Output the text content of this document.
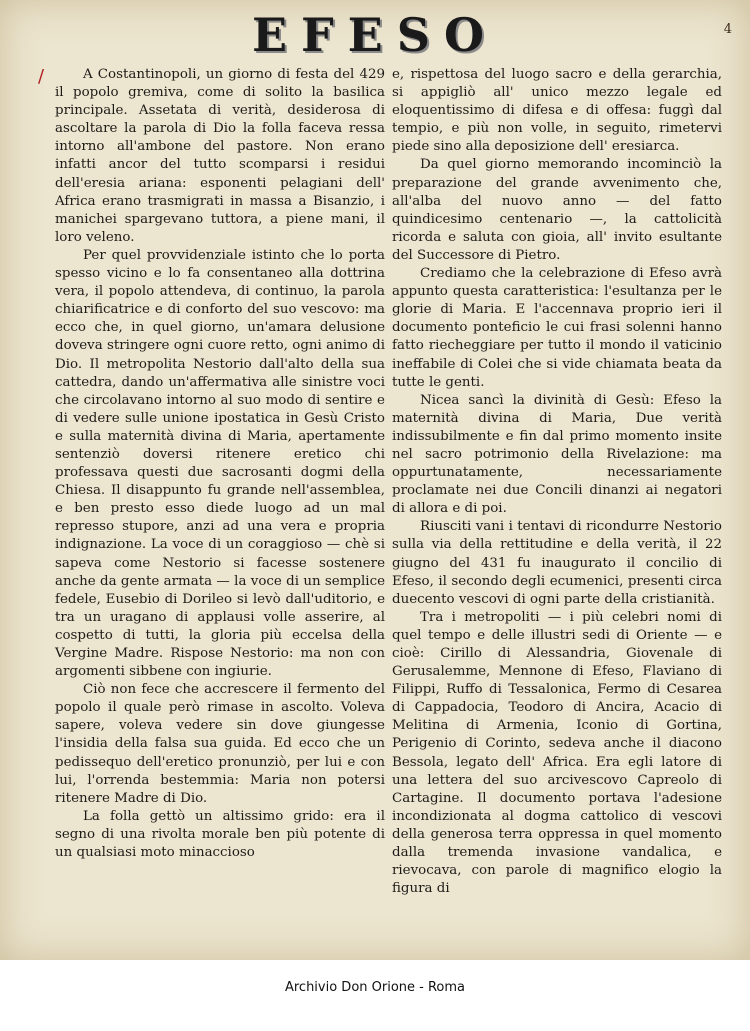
EFESO	4
/	A Costantinopoli, un giorno di festa del 429 il popolo gremiva, come di solito la basilica principale. Assetata di verità, desiderosa di ascoltare la parola di Dio la folla faceva ressa intorno all'ambone del pastore. Non erano infatti ancor del tutto scomparsi i residui dell'eresia ariana: esponenti pelagiani dell' Africa erano trasmigrati in massa a Bisanzio, i manichei spargevano tuttora, a piene mani, il loro veleno.

Per quel provvidenziale istinto che lo porta spesso vicino e lo fa consentaneo alla dottrina vera, il popolo attendeva, di continuo, la parola chiarificatrice e di conforto del suo vescovo: ma ecco che, in quel giorno, un'amara delusione doveva stringere ogni cuore retto, ogni animo di Dio. Il metropolita Nestorio dall'alto della sua cattedra, dando un'affermativa alle sinistre voci che circolavano intorno al suo modo di sentire e di vedere sulle unione ipostatica in Gesù Cristo e sulla maternità divina di Maria, apertamente sentenziò doversi ritenere eretico chi professava questi due sacrosanti dogmi della Chiesa. Il disappunto fu grande nell'assemblea, e ben presto esso diede luogo ad un mal represso stupore, anzi ad una vera e propria indignazione. La voce di un coraggioso — chè si sapeva come Nestorio si facesse sostenere anche da gente armata — la voce di un semplice fedele, Eusebio di Dorileo si levò dall'uditorio, e tra un uragano di applausi volle asserire, al cospetto di tutti, la gloria più eccelsa della Vergine Madre. Rispose Nestorio: ma non con argomenti sibbene con ingiurie.

Ciò non fece che accrescere il fermento del popolo il quale però rimase in ascolto. Voleva sapere, voleva vedere sin dove giungesse l'insidia della falsa sua guida. Ed ecco che un pedissequo dell'eretico pronunziò, per lui e con lui, l'orrenda bestemmia: Maria non potersi ritenere Madre di Dio.

La folla gettò un altissimo grido: era il segno di una rivolta morale ben più potente di un qualsiasi moto minaccioso

e, rispettosa del luogo sacro e della gerarchia, si appigliò all' unico mezzo legale ed eloquentissimo di difesa e di offesa: fuggì dal tempio, e più non volle, in seguito, rimetervi piede sino alla deposizione dell' eresiarca.

Da quel giorno memorando incominciò la preparazione del grande avvenimento che, all'alba del nuovo anno — del fatto quindicesimo centenario —, la cattolicità ricorda e saluta con gioia, all' invito esultante del Successore di Pietro.

Crediamo che la celebrazione di Efeso avrà appunto questa caratteristica: l'esultanza per le glorie di Maria. E l'accennava proprio ieri il documento ponteficio le cui frasi solenni hanno fatto riecheggiare per tutto il mondo il vaticinio ineffabile di Colei che si vide chiamata beata da tutte le genti.

Nicea sancì la divinità di Gesù: Efeso la maternità divina di Maria, Due verità indissubilmente e fin dal primo momento insite nel sacro potrimonio della Rivelazione: ma oppurtunatamente, necessariamente proclamate nei due Concili dinanzi ai negatori di allora e di poi.

Riusciti vani i tentavi di ricondurre Nestorio sulla via della rettitudine e della verità, il 22 giugno del 431 fu inaugurato il concilio di Efeso, il secondo degli ecumenici, presenti circa duecento vescovi di ogni parte della cristianità.

Tra i metropoliti — i più celebri nomi di quel tempo e delle illustri sedi di Oriente — e cioè: Cirillo di Alessandria, Giovenale di Gerusalemme, Mennone di Efeso, Flaviano di Filippi, Ruffo di Tessalonica, Fermo di Cesarea di Cappadocia, Teodoro di Ancira, Acacio di Melitina di Armenia, Iconio di Gortina, Perigenio di Corinto, sedeva anche il diacono Bessola, legato dell' Africa. Era egli latore di una lettera del suo arcivescovo Capreolo di Cartagine. Il documento portava l'adesione incondizionata al dogma cattolico di vescovi della generosa terra oppressa in quel momento dalla tremenda invasione vandalica, e rievocava, con parole di magnifico elogio la figura di

Archivio Don Orione - Roma
